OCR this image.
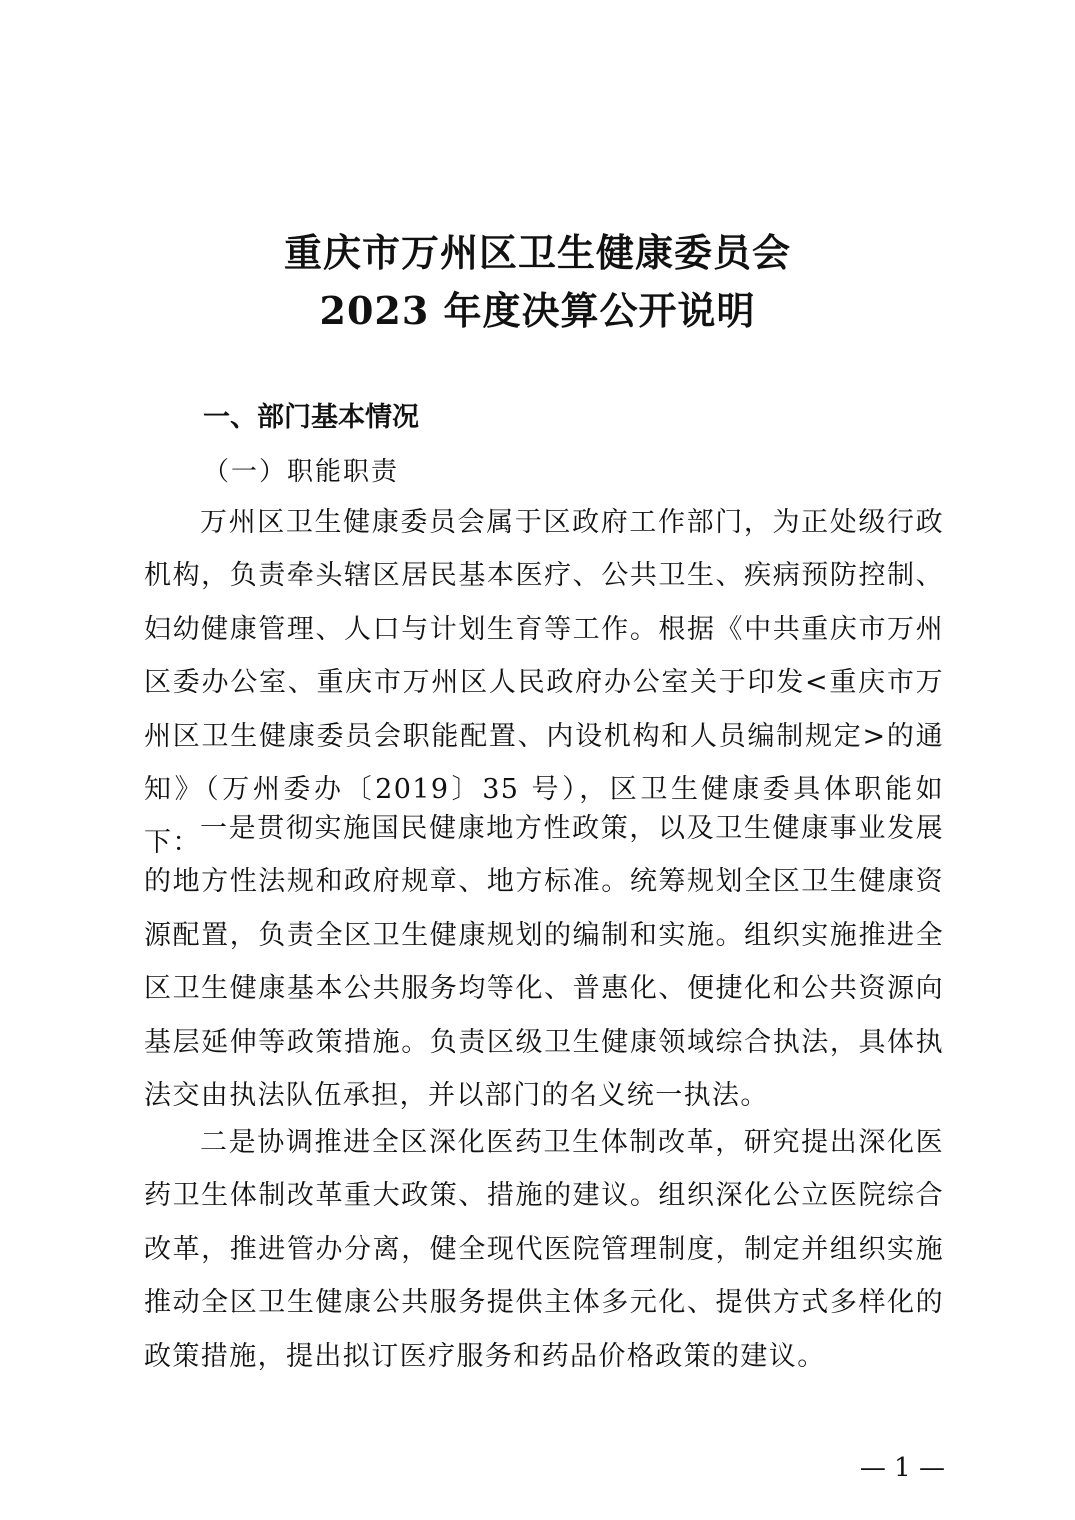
重庆市万州区卫生健康委员会
2023 年度决算公开说明
一、部门基本情况
（一）职能职责

万州区卫生健康委员会属于区政府工作部门，为正处级行政机构，负责牵头辖区居民基本医疗、公共卫生、疾病预防控制、妇幼健康管理、人口与计划生育等工作。根据《中共重庆市万州区委办公室、重庆市万州区人民政府办公室关于印发<重庆市万州区卫生健康委员会职能配置、内设机构和人员编制规定>的通知》（万州委办〔2019〕35 号），区卫生健康委具体职能如下： 一是贯彻实施国民健康地方性政策，以及卫生健康事业发展的地方性法规和政府规章、地方标准。统筹规划全区卫生健康资源配置，负责全区卫生健康规划的编制和实施。组织实施推进全区卫生健康基本公共服务均等化、普惠化、便捷化和公共资源向基层延伸等政策措施。负责区级卫生健康领域综合执法，具体执法交由执法队伍承担，并以部门的名义统一执法。

二是协调推进全区深化医药卫生体制改革，研究提出深化医药卫生体制改革重大政策、措施的建议。组织深化公立医院综合改革，推进管办分离，健全现代医院管理制度，制定并组织实施推动全区卫生健康公共服务提供主体多元化、提供方式多样化的政策措施，提出拟订医疗服务和药品价格政策的建议。

— 1 —
